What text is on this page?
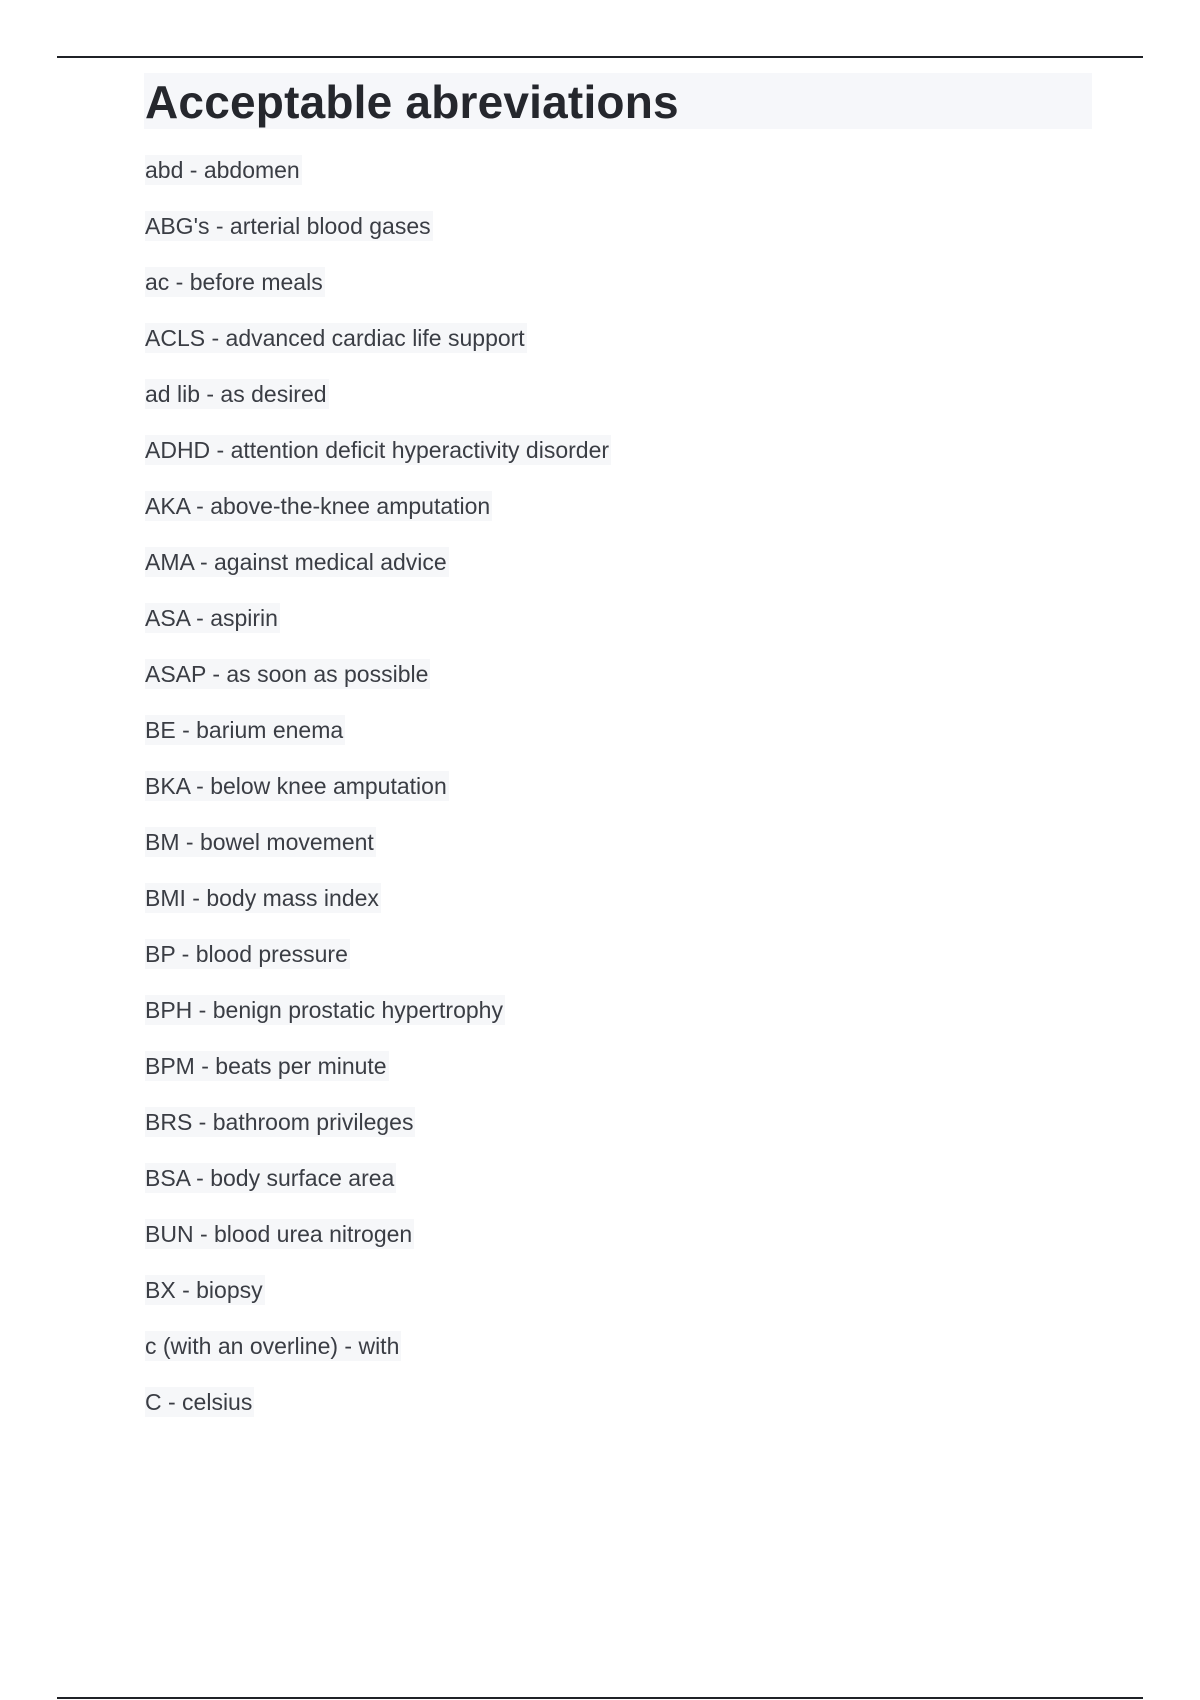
Acceptable abreviations
abd - abdomen
ABG's - arterial blood gases
ac - before meals
ACLS - advanced cardiac life support
ad lib - as desired
ADHD - attention deficit hyperactivity disorder
AKA - above-the-knee amputation
AMA - against medical advice
ASA - aspirin
ASAP - as soon as possible
BE - barium enema
BKA - below knee amputation
BM - bowel movement
BMI - body mass index
BP - blood pressure
BPH - benign prostatic hypertrophy
BPM - beats per minute
BRS - bathroom privileges
BSA - body surface area
BUN - blood urea nitrogen
BX - biopsy
c (with an overline) - with
C - celsius
